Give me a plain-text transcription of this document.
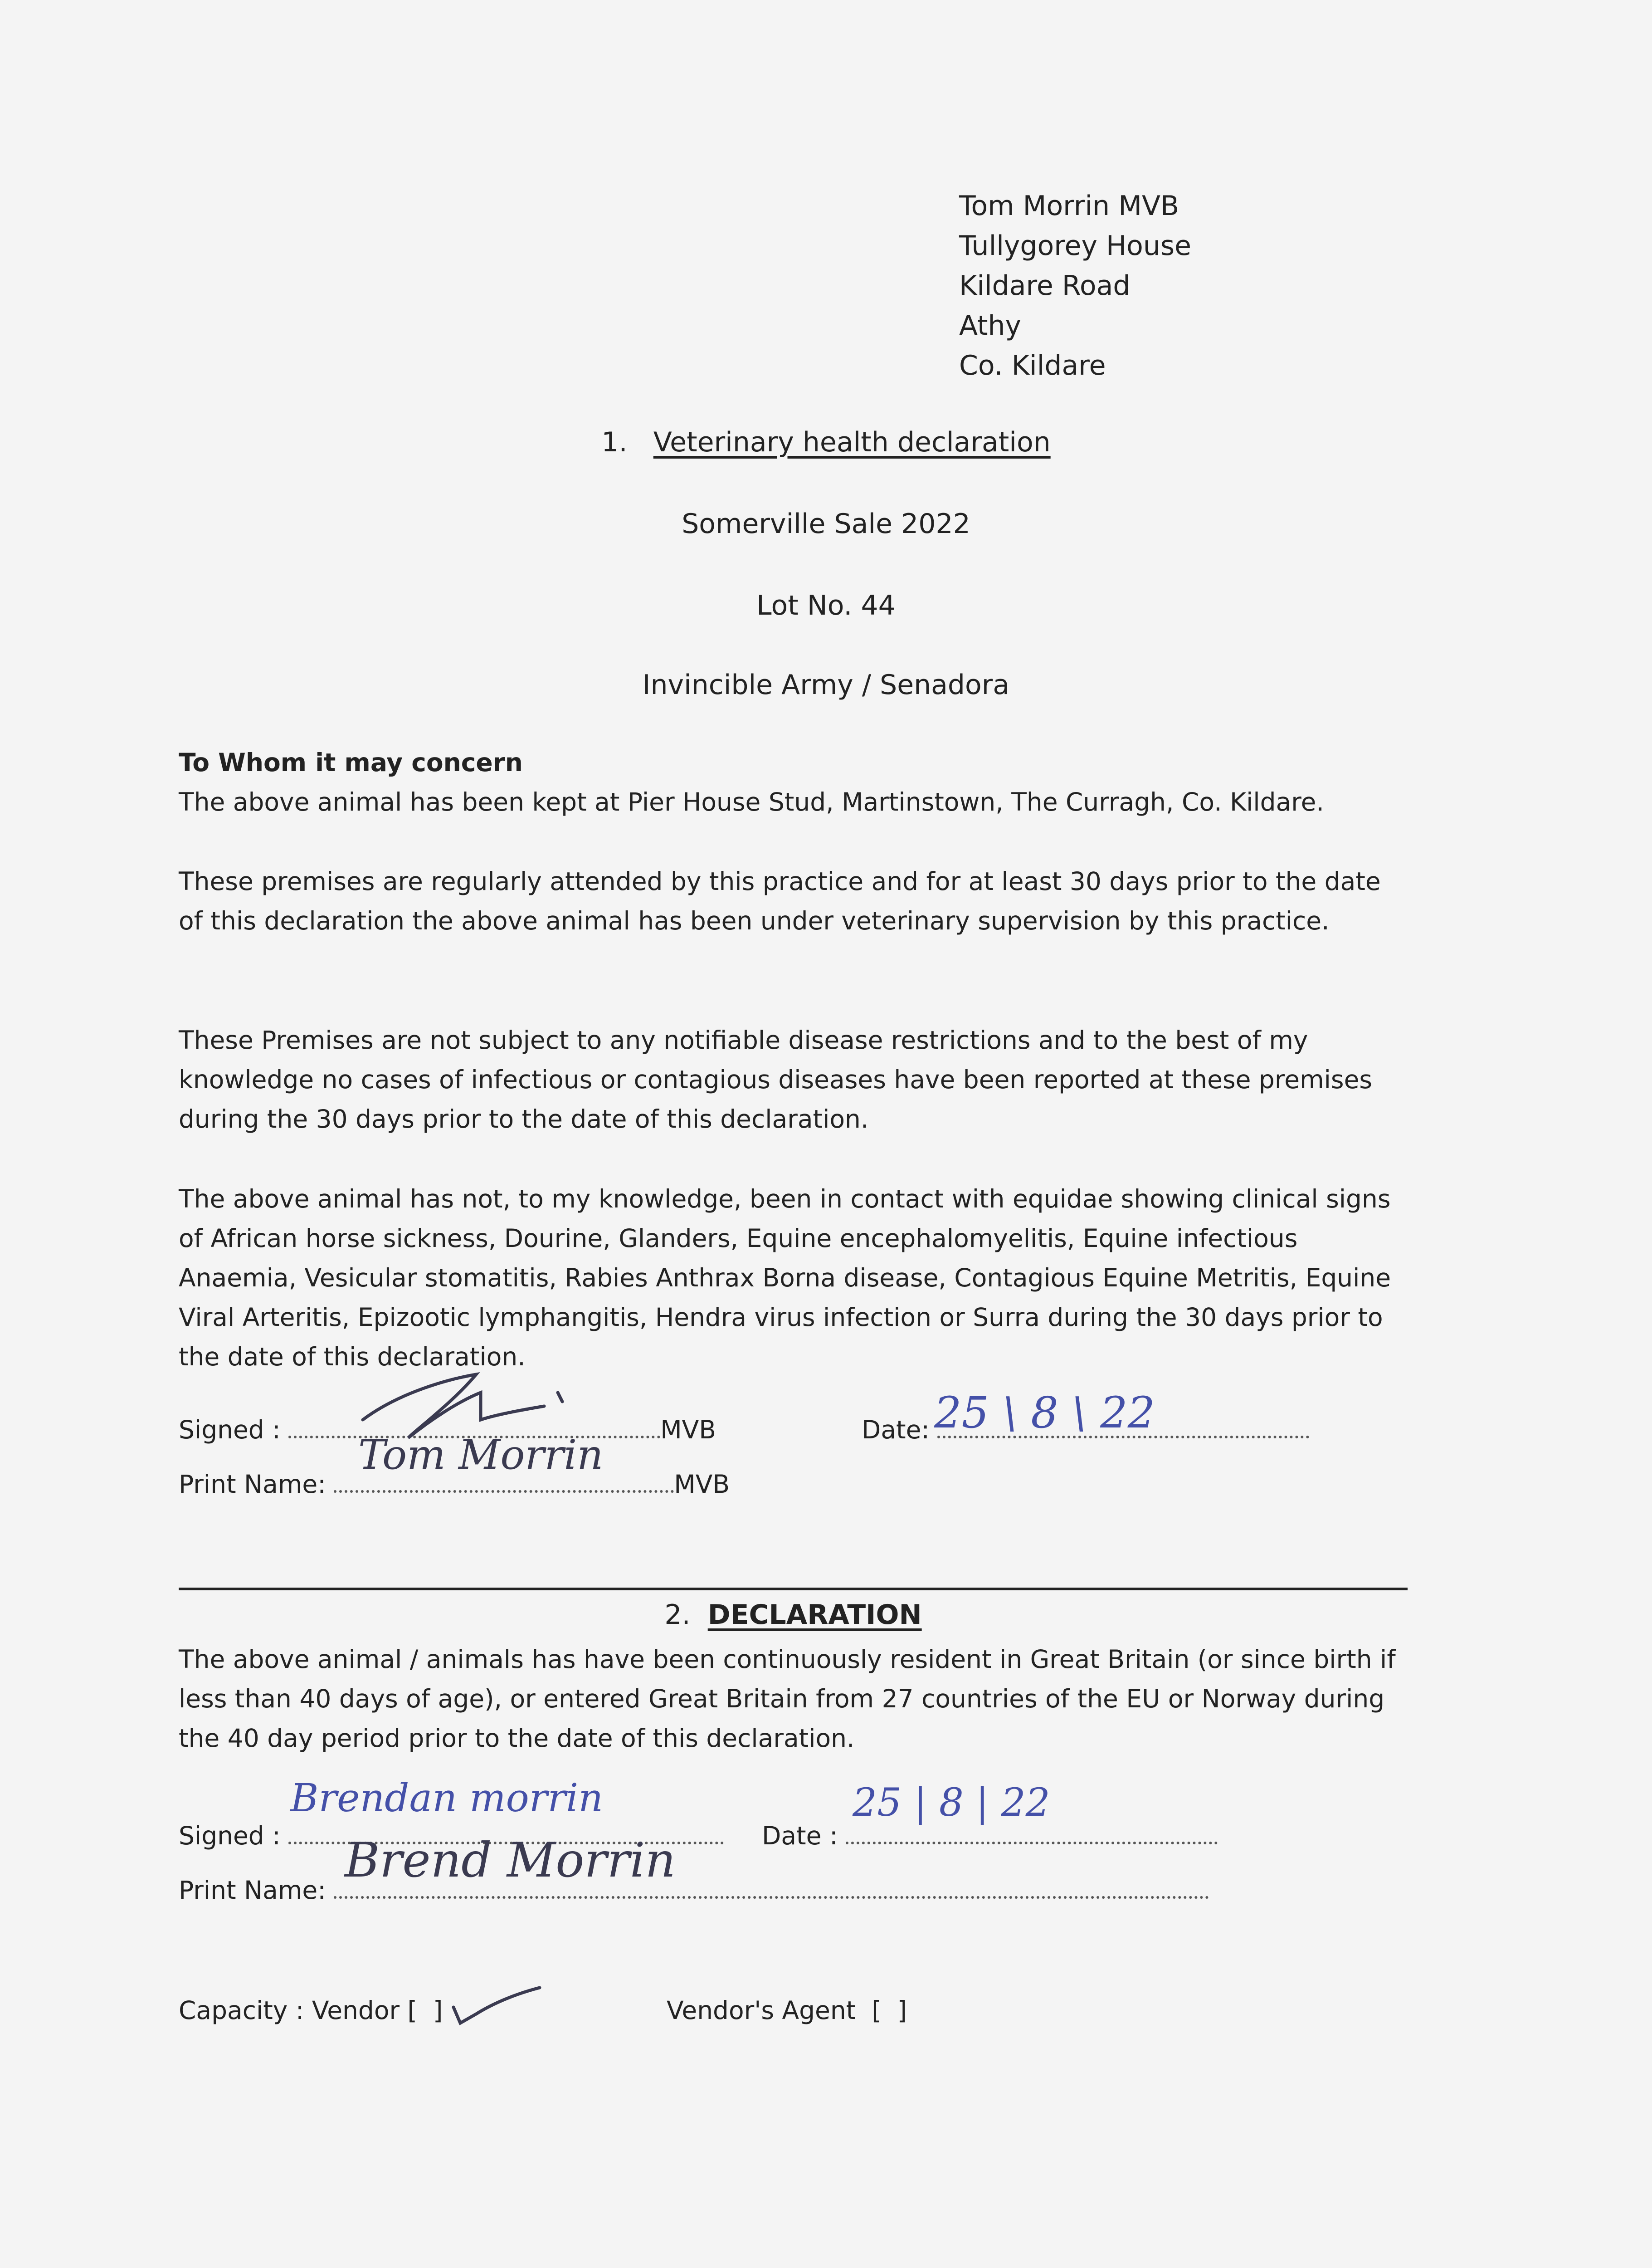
Tom Morrin MVB
Tullygorey House
Kildare Road
Athy
Co. Kildare
1. Veterinary health declaration
Somerville Sale 2022
Lot No. 44
Invincible Army / Senadora
To Whom it may concern
The above animal has been kept at Pier House Stud, Martinstown, The Curragh, Co. Kildare.
These premises are regularly attended by this practice and for at least 30 days prior to the date of this declaration the above animal has been under veterinary supervision by this practice.
These Premises are not subject to any notifiable disease restrictions and to the best of my knowledge no cases of infectious or contagious diseases have been reported at these premises during the 30 days prior to the date of this declaration.
The above animal has not, to my knowledge, been in contact with equidae showing clinical signs of African horse sickness, Dourine, Glanders, Equine encephalomyelitis, Equine infectious Anaemia, Vesicular stomatitis, Rabies Anthrax Borna disease, Contagious Equine Metritis, Equine Viral Arteritis, Epizootic lymphangitis, Hendra virus infection or Surra during the 30 days prior to the date of this declaration.
Signed :	MVB
Print Name:	MVB
Tom Morrin
Date: 25 \ 8 \ 22
2. DECLARATION
The above animal / animals has have been continuously resident in Great Britain (or since birth if less than 40 days of age), or entered Great Britain from 27 countries of the EU or Norway during the 40 day period prior to the date of this declaration.
Signed :
Brendan morrin
Date :
25 | 8 | 22
Print Name:
Brend Morrin
Capacity : Vendor [ ]	Vendor's Agent  [  ]
